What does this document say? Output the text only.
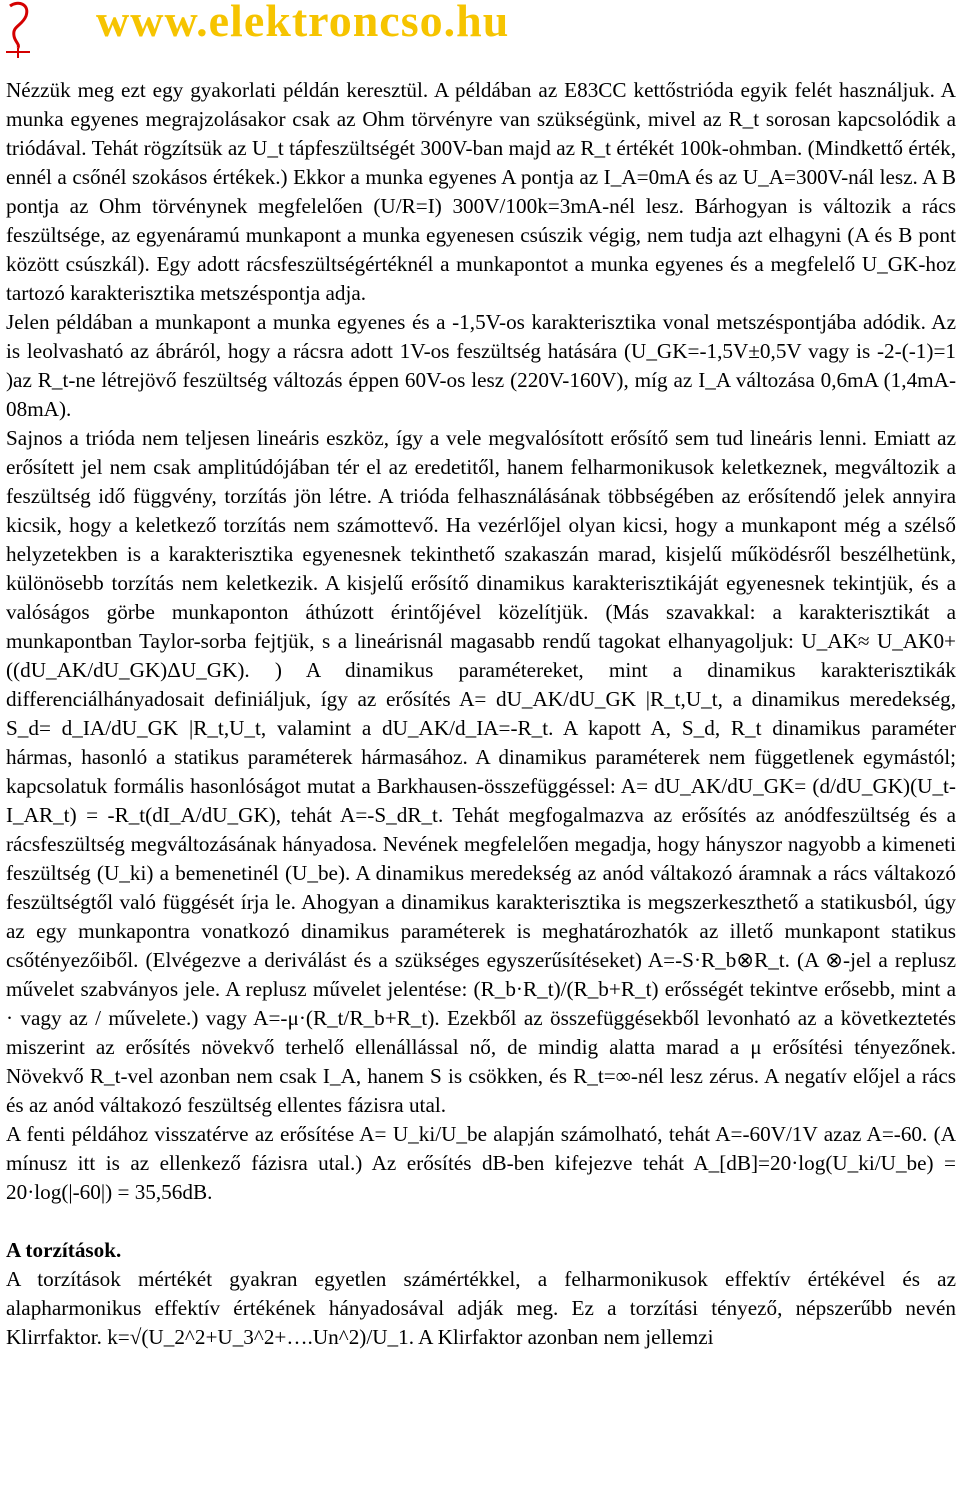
www.elektroncso.hu

Nézzük meg ezt egy gyakorlati példán keresztül. A példában az E83CC kettőstrióda egyik felét használjuk. A munka egyenes megrajzolásakor csak az Ohm törvényre van szükségünk, mivel az R_t sorosan kapcsolódik a triódával. Tehát rögzítsük az U_t tápfeszültségét 300V-ban majd az R_t értékét 100k-ohmban. (Mindkettő érték, ennél a csőnél szokásos értékek.) Ekkor a munka egyenes A pontja az I_A=0mA és az U_A=300V-nál lesz. A B pontja az Ohm törvénynek megfelelően (U/R=I) 300V/100k=3mA-nél lesz. Bárhogyan is változik a rács feszültsége, az egyenáramú munkapont a munka egyenesen csúszik végig, nem tudja azt elhagyni (A és B pont között csúszkál). Egy adott rácsfeszültségértéknél a munkapontot a munka egyenes és a megfelelő U_GK-hoz tartozó karakterisztika metszéspontja adja.

Jelen példában a munkapont a munka egyenes és a -1,5V-os karakterisztika vonal metszéspontjába adódik. Az is leolvasható az ábráról, hogy a rácsra adott 1V-os feszültség hatására (U_GK=-1,5V±0,5V vagy is -2-(-1)=1 )az R_t-ne létrejövő feszültség változás éppen 60V-os lesz (220V-160V), míg az I_A változása 0,6mA (1,4mA-08mA).

Sajnos a trióda nem teljesen lineáris eszköz, így a vele megvalósított erősítő sem tud lineáris lenni. Emiatt az erősített jel nem csak amplitúdójában tér el az eredetitől, hanem felharmonikusok keletkeznek, megváltozik a feszültség idő függvény, torzítás jön létre. A trióda felhasználásának többségében az erősítendő jelek annyira kicsik, hogy a keletkező torzítás nem számottevő. Ha vezérlőjel olyan kicsi, hogy a munkapont még a szélső helyzetekben is a karakterisztika egyenesnek tekinthető szakaszán marad, kisjelű működésről beszélhetünk, különösebb torzítás nem keletkezik. A kisjelű erősítő dinamikus karakterisztikáját egyenesnek tekintjük, és a valóságos görbe munkaponton áthúzott érintőjével közelítjük. (Más szavakkal: a karakterisztikát a munkapontban Taylor-sorba fejtjük, s a lineárisnál magasabb rendű tagokat elhanyagoljuk: U_AK≈ U_AK0+((dU_AK/dU_GK)ΔU_GK). ) A dinamikus paramétereket, mint a dinamikus karakterisztikák differenciálhányadosait definiáljuk, így az erősítés A= dU_AK/dU_GK |R_t,U_t, a dinamikus meredekség, S_d= d_IA/dU_GK |R_t,U_t, valamint a dU_AK/d_IA=-R_t. A kapott A, S_d, R_t dinamikus paraméter hármas, hasonló a statikus paraméterek hármasához. A dinamikus paraméterek nem függetlenek egymástól; kapcsolatuk formális hasonlóságot mutat a Barkhausen-összefüggéssel: A= dU_AK/dU_GK= (d/dU_GK)(U_t-I_AR_t) = -R_t(dI_A/dU_GK), tehát A=-S_dR_t. Tehát megfogalmazva az erősítés az anódfeszültség és a rácsfeszültség megváltozásának hányadosa. Nevének megfelelően megadja, hogy hányszor nagyobb a kimeneti feszültség (U_ki) a bemenetinél (U_be). A dinamikus meredekség az anód váltakozó áramnak a rács váltakozó feszültségtől való függését írja le. Ahogyan a dinamikus karakterisztika is megszerkeszthető a statikusból, úgy az egy munkapontra vonatkozó dinamikus paraméterek is meghatározhatók az illető munkapont statikus csőtényezőiből. (Elvégezve a deriválást és a szükséges egyszerűsítéseket) A=-S·R_b⊗R_t. (A ⊗-jel a replusz művelet szabványos jele. A replusz művelet jelentése: (R_b·R_t)/(R_b+R_t) erősségét tekintve erősebb, mint a · vagy az / művelete.) vagy A=-μ·(R_t/R_b+R_t). Ezekből az összefüggésekből levonható az a következtetés miszerint az erősítés növekvő terhelő ellenállással nő, de mindig alatta marad a μ erősítési tényezőnek. Növekvő R_t-vel azonban nem csak I_A, hanem S is csökken, és R_t=∞-nél lesz zérus. A negatív előjel a rács és az anód váltakozó feszültség ellentes fázisra utal.

A fenti példához visszatérve az erősítése A= U_ki/U_be alapján számolható, tehát A=-60V/1V azaz A=-60. (A mínusz itt is az ellenkező fázisra utal.) Az erősítés dB-ben kifejezve tehát A_[dB]=20·log(U_ki/U_be) = 20·log(|-60|) = 35,56dB.

A torzítások.

A torzítások mértékét gyakran egyetlen számértékkel, a felharmonikusok effektív értékével és az alapharmonikus effektív értékének hányadosával adják meg. Ez a torzítási tényező, népszerűbb nevén Klirrfaktor. k=√(U_2^2+U_3^2+….Un^2)/U_1. A Klirfaktor azonban nem jellemzi
